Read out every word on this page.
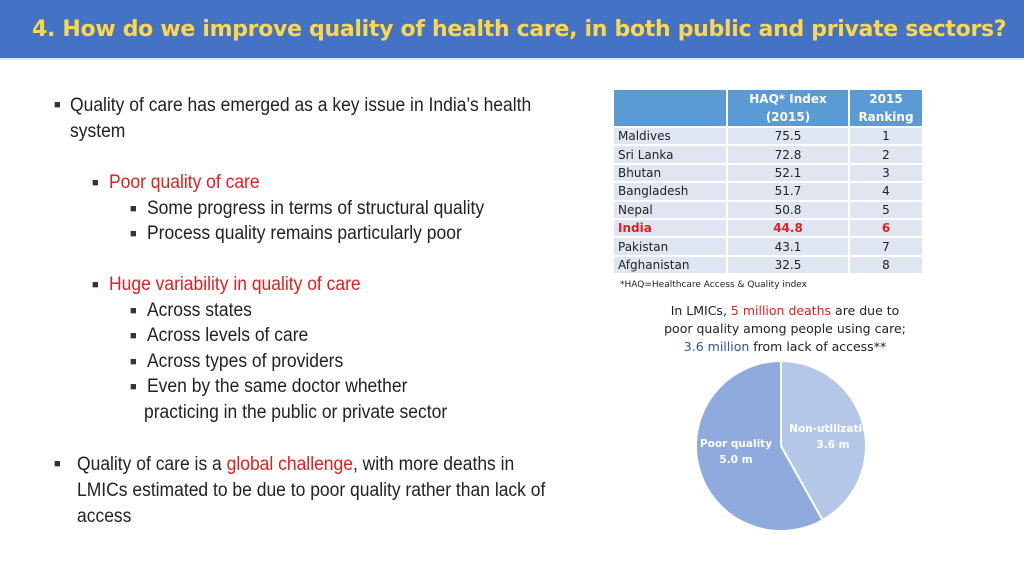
4. How do we improve quality of health care, in both public and private sectors?
■ Quality of care has emerged as a key issue in India’s health
system
■ Poor quality of care
■ Some progress in terms of structural quality
■ Process quality remains particularly poor
■ Huge variability in quality of care
■ Across states
■ Across levels of care
■ Across types of providers
■ Even by the same doctor whether
practicing in the public or private sector
■ Quality of care is a global challenge, with more deaths in
LMICs estimated to be due to poor quality rather than lack of
access
	HAQ* Index (2015)	2015 Ranking
Maldives	75.5	1
Sri Lanka	72.8	2
Bhutan	52.1	3
Bangladesh	51.7	4
Nepal	50.8	5
India	44.8	6
Pakistan	43.1	7
Afghanistan	32.5	8
*HAQ=Healthcare Access & Quality index
In LMICs, 5 million deaths are due to
poor quality among people using care;
3.6 million from lack of access**
Non-utilization
3.6 m
Poor quality
5.0 m
